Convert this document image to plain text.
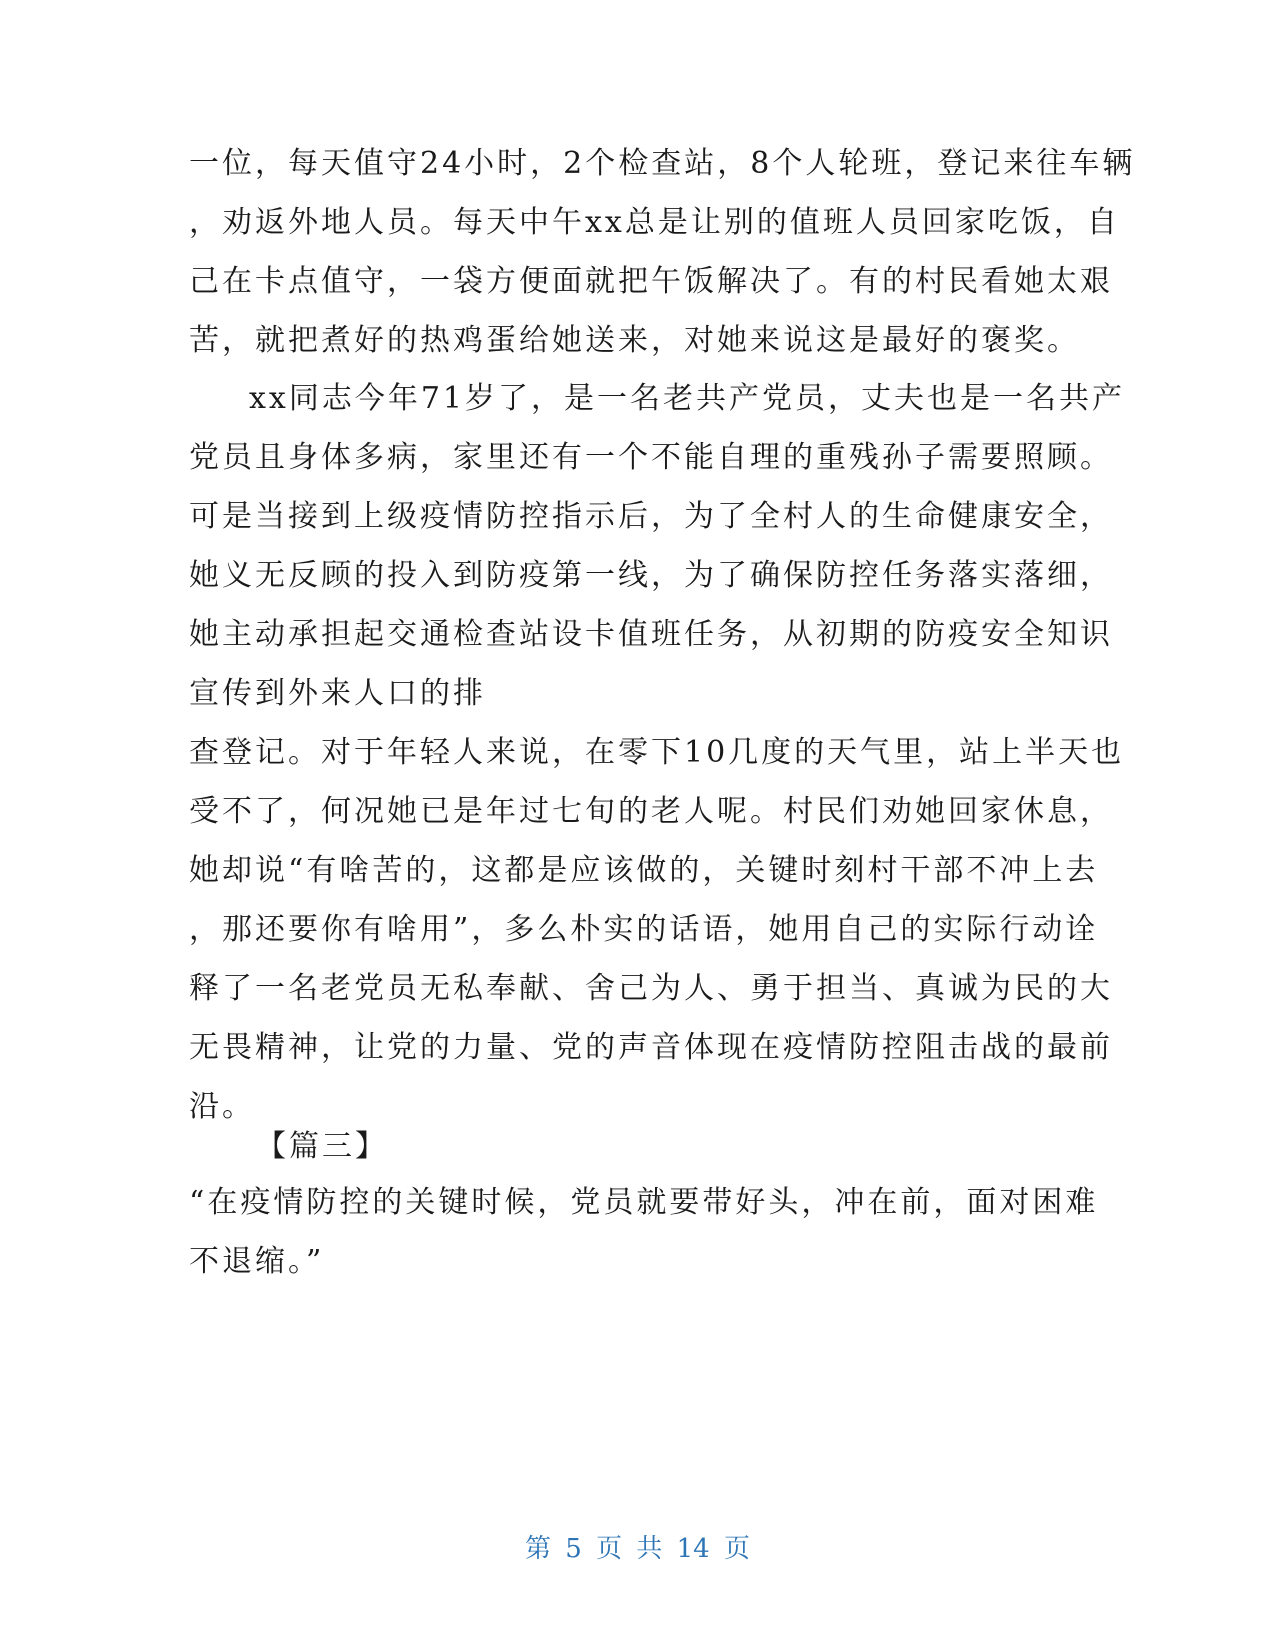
一位，每天值守24小时，2个检查站，8个人轮班，登记来往车辆
，劝返外地人员。每天中午xx总是让别的值班人员回家吃饭，自
己在卡点值守，一袋方便面就把午饭解决了。有的村民看她太艰
苦，就把煮好的热鸡蛋给她送来，对她来说这是最好的褒奖。
xx同志今年71岁了，是一名老共产党员，丈夫也是一名共产
党员且身体多病，家里还有一个不能自理的重残孙子需要照顾。
可是当接到上级疫情防控指示后，为了全村人的生命健康安全，
她义无反顾的投入到防疫第一线，为了确保防控任务落实落细，
她主动承担起交通检查站设卡值班任务，从初期的防疫安全知识
宣传到外来人口的排
查登记。对于年轻人来说，在零下10几度的天气里，站上半天也
受不了，何况她已是年过七旬的老人呢。村民们劝她回家休息，
她却说“有啥苦的，这都是应该做的，关键时刻村干部不冲上去
，那还要你有啥用”，多么朴实的话语，她用自己的实际行动诠
释了一名老党员无私奉献、舍己为人、勇于担当、真诚为民的大
无畏精神，让党的力量、党的声音体现在疫情防控阻击战的最前
沿。
【篇三】
“在疫情防控的关键时候，党员就要带好头，冲在前，面对困难
不退缩。”
第 5 页 共 14 页
